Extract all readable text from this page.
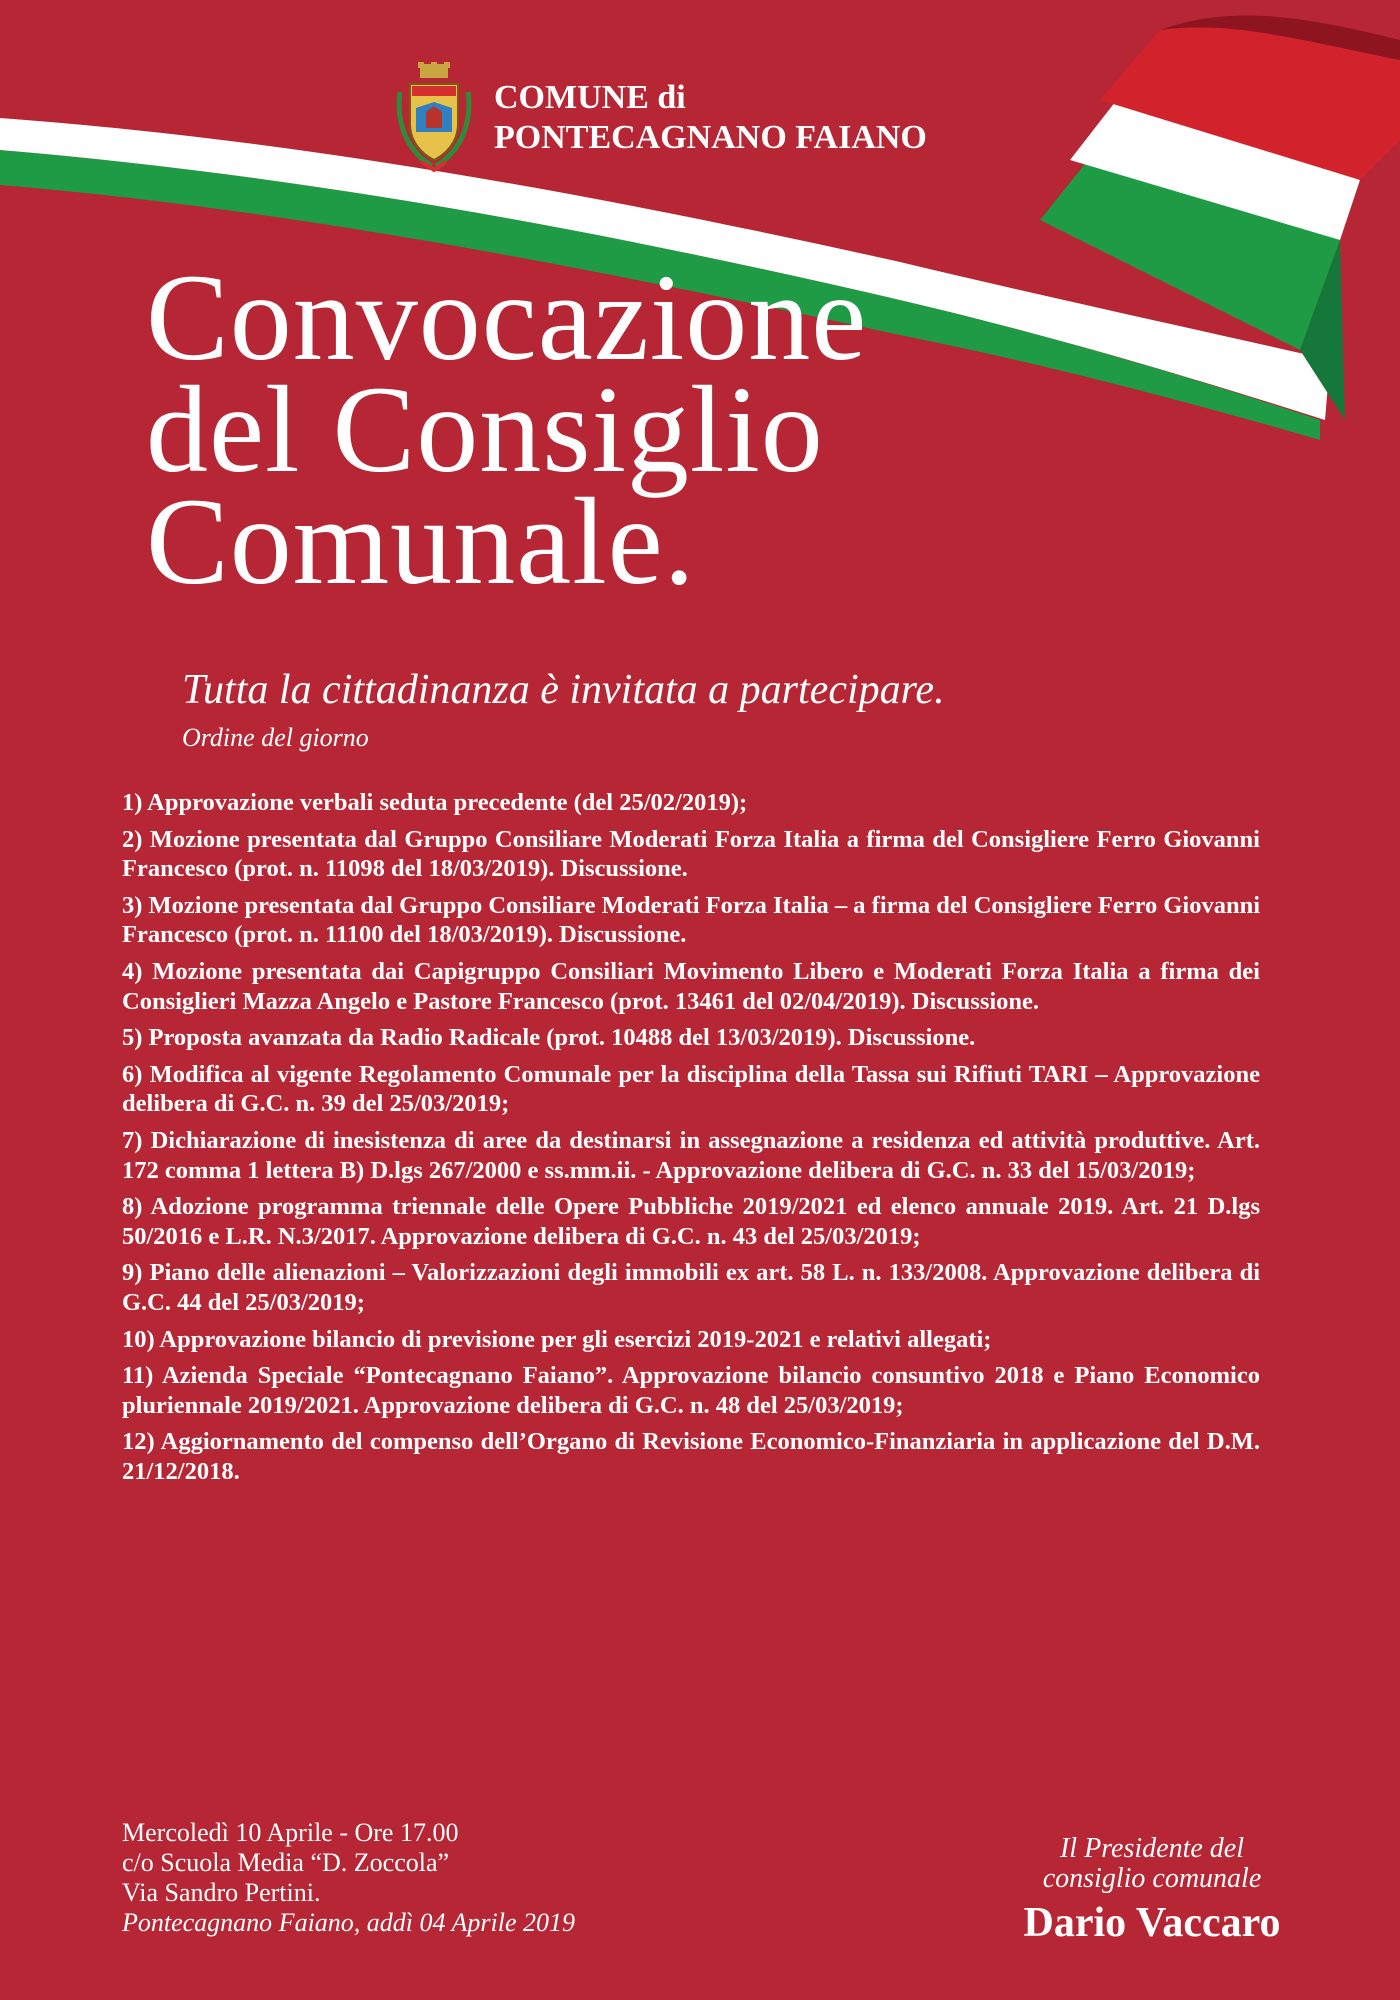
COMUNE di
PONTECAGNANO FAIANO
Convocazione
del Consiglio
Comunale.
Tutta la cittadinanza è invitata a partecipare.
Ordine del giorno
1) Approvazione verbali seduta precedente (del 25/02/2019);
2) Mozione presentata dal Gruppo Consiliare Moderati Forza Italia a firma del Consigliere Ferro Giovanni Francesco (prot. n. 11098 del 18/03/2019). Discussione.
3) Mozione presentata dal Gruppo Consiliare Moderati Forza Italia – a firma del Consigliere Ferro Giovanni Francesco (prot. n. 11100 del 18/03/2019). Discussione.
4) Mozione presentata dai Capigruppo Consiliari Movimento Libero e Moderati Forza Italia a firma dei Consiglieri Mazza Angelo e Pastore Francesco (prot. 13461 del 02/04/2019). Discussione.
5) Proposta avanzata da Radio Radicale (prot. 10488 del 13/03/2019). Discussione.
6) Modifica al vigente Regolamento Comunale per la disciplina della Tassa sui Rifiuti TARI – Approvazione delibera di G.C. n. 39 del 25/03/2019;
7) Dichiarazione di inesistenza di aree da destinarsi in assegnazione a residenza ed attività produttive. Art. 172 comma 1 lettera B) D.lgs 267/2000 e ss.mm.ii. - Approvazione delibera di G.C. n. 33 del 15/03/2019;
8) Adozione programma triennale delle Opere Pubbliche 2019/2021 ed elenco annuale 2019. Art. 21 D.lgs 50/2016 e L.R. N.3/2017. Approvazione delibera di G.C. n. 43 del 25/03/2019;
9) Piano delle alienazioni – Valorizzazioni degli immobili ex art. 58 L. n. 133/2008. Approvazione delibera di G.C. 44 del 25/03/2019;
10) Approvazione bilancio di previsione per gli esercizi 2019-2021 e relativi allegati;
11) Azienda Speciale “Pontecagnano Faiano”. Approvazione bilancio consuntivo 2018 e Piano Economico pluriennale 2019/2021. Approvazione delibera di G.C. n. 48 del 25/03/2019;
12) Aggiornamento del compenso dell’Organo di Revisione Economico-Finanziaria in applicazione del D.M. 21/12/2018.
Mercoledì 10 Aprile - Ore 17.00
c/o Scuola Media “D. Zoccola”
Via Sandro Pertini.
Pontecagnano Faiano, addì 04 Aprile 2019
Il Presidente del
consiglio comunale
Dario Vaccaro
